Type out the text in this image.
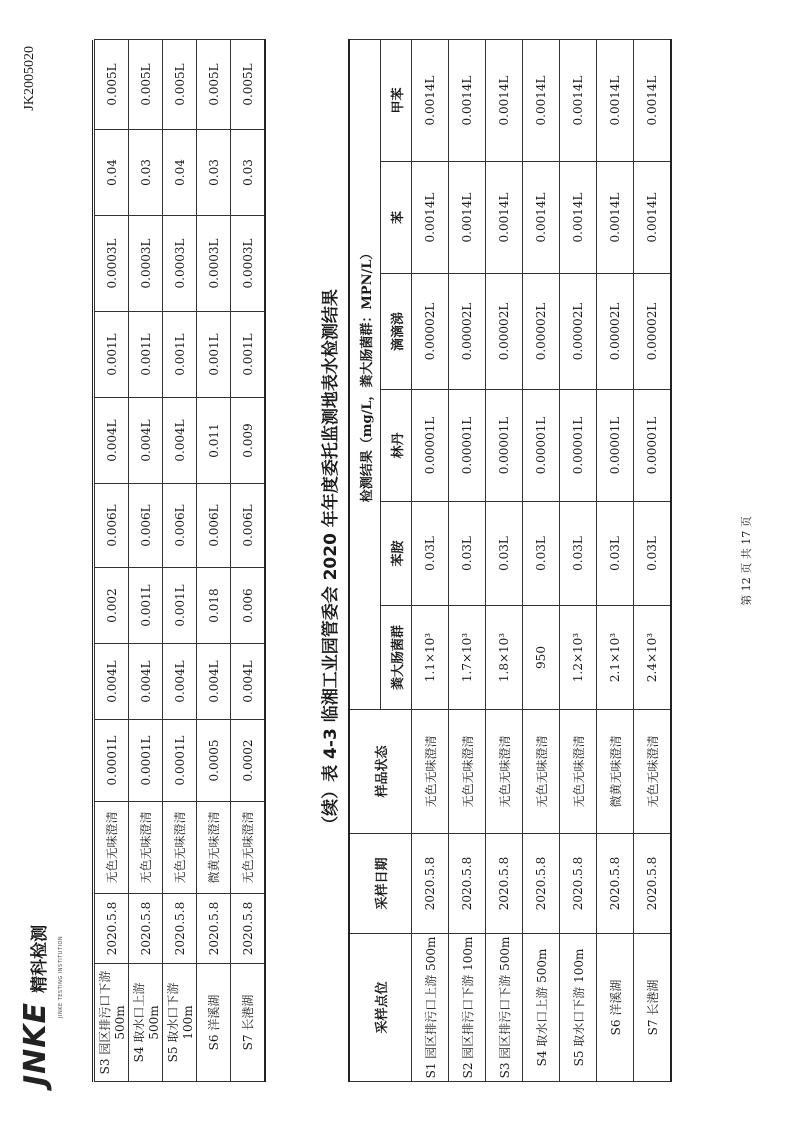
JNKE 精科检测 JINKE TESTING INSTITUTION
JK2005020
S3 园区排污口下游 500m	2020.5.8	无色无味澄清	0.0001L	0.004L	0.002	0.006L	0.004L	0.001L	0.0003L	0.04	0.005L
S4 取水口上游 500m	2020.5.8	无色无味澄清	0.0001L	0.004L	0.001L	0.006L	0.004L	0.001L	0.0003L	0.03	0.005L
S5 取水口下游 100m	2020.5.8	无色无味澄清	0.0001L	0.004L	0.001L	0.006L	0.004L	0.001L	0.0003L	0.04	0.005L
S6 洋溪湖	2020.5.8	微黄无味澄清	0.0005	0.004L	0.018	0.006L	0.011	0.001L	0.0003L	0.03	0.005L
S7 长港湖	2020.5.8	无色无味澄清	0.0002	0.004L	0.006	0.006L	0.009	0.001L	0.0003L	0.03	0.005L
（续）表 4-3 临湘工业园管委会 2020 年年度委托监测地表水检测结果
采样点位	采样日期	样品状态	检测结果（mg/L，粪大肠菌群：MPN/L）					
			粪大肠菌群	苯胺	林丹	滴滴涕	苯	甲苯
S1 园区排污口上游 500m	2020.5.8	无色无味澄清	1.1×10³	0.03L	0.00001L	0.00002L	0.0014L	0.0014L
S2 园区排污口下游 100m	2020.5.8	无色无味澄清	1.7×10³	0.03L	0.00001L	0.00002L	0.0014L	0.0014L
S3 园区排污口下游 500m	2020.5.8	无色无味澄清	1.8×10³	0.03L	0.00001L	0.00002L	0.0014L	0.0014L
S4 取水口上游 500m	2020.5.8	无色无味澄清	950	0.03L	0.00001L	0.00002L	0.0014L	0.0014L
S5 取水口下游 100m	2020.5.8	无色无味澄清	1.2×10³	0.03L	0.00001L	0.00002L	0.0014L	0.0014L
S6 洋溪湖	2020.5.8	微黄无味澄清	2.1×10³	0.03L	0.00001L	0.00002L	0.0014L	0.0014L
S7 长港湖	2020.5.8	无色无味澄清	2.4×10³	0.03L	0.00001L	0.00002L	0.0014L	0.0014L
第 12 页 共 17 页
